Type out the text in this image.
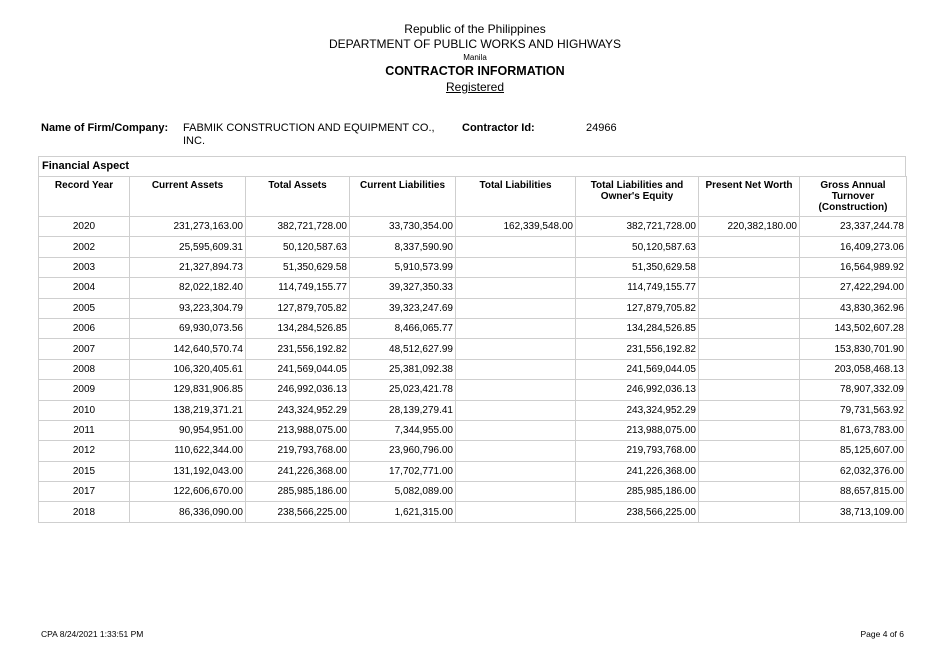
Republic of the Philippines
DEPARTMENT OF PUBLIC WORKS AND HIGHWAYS
Manila
CONTRACTOR INFORMATION
Registered
Name of Firm/Company: FABMIK CONSTRUCTION AND EQUIPMENT CO., INC.
Contractor Id:	24966
Financial Aspect
Record Year	Current Assets	Total Assets	Current Liabilities	Total Liabilities	Total Liabilities and Owner's Equity	Present Net Worth	Gross Annual Turnover (Construction)
2020	231,273,163.00	382,721,728.00	33,730,354.00	162,339,548.00	382,721,728.00	220,382,180.00	23,337,244.78
2002	25,595,609.31	50,120,587.63	8,337,590.90		50,120,587.63		16,409,273.06
2003	21,327,894.73	51,350,629.58	5,910,573.99		51,350,629.58		16,564,989.92
2004	82,022,182.40	114,749,155.77	39,327,350.33		114,749,155.77		27,422,294.00
2005	93,223,304.79	127,879,705.82	39,323,247.69		127,879,705.82		43,830,362.96
2006	69,930,073.56	134,284,526.85	8,466,065.77		134,284,526.85		143,502,607.28
2007	142,640,570.74	231,556,192.82	48,512,627.99		231,556,192.82		153,830,701.90
2008	106,320,405.61	241,569,044.05	25,381,092.38		241,569,044.05		203,058,468.13
2009	129,831,906.85	246,992,036.13	25,023,421.78		246,992,036.13		78,907,332.09
2010	138,219,371.21	243,324,952.29	28,139,279.41		243,324,952.29		79,731,563.92
2011	90,954,951.00	213,988,075.00	7,344,955.00		213,988,075.00		81,673,783.00
2012	110,622,344.00	219,793,768.00	23,960,796.00		219,793,768.00		85,125,607.00
2015	131,192,043.00	241,226,368.00	17,702,771.00		241,226,368.00		62,032,376.00
2017	122,606,670.00	285,985,186.00	5,082,089.00		285,985,186.00		88,657,815.00
2018	86,336,090.00	238,566,225.00	1,621,315.00		238,566,225.00		38,713,109.00
CPA 8/24/2021 1:33:51 PM	Page 4 of 6
